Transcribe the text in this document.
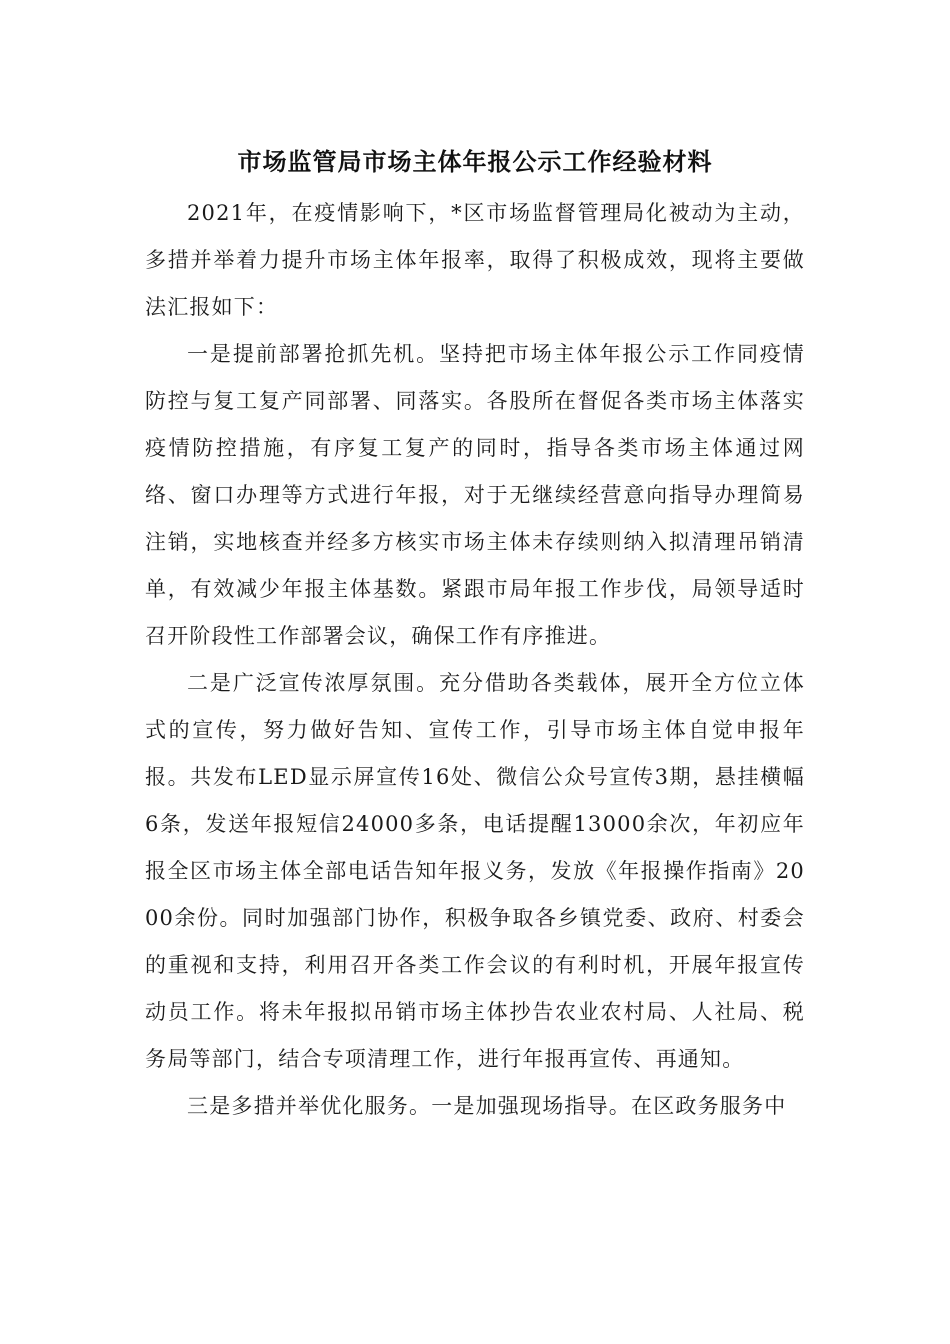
市场监管局市场主体年报公示工作经验材料

2021年，在疫情影响下，*区市场监督管理局化被动为主动，多措并举着力提升市场主体年报率，取得了积极成效，现将主要做法汇报如下：

一是提前部署抢抓先机。坚持把市场主体年报公示工作同疫情防控与复工复产同部署、同落实。各股所在督促各类市场主体落实疫情防控措施，有序复工复产的同时，指导各类市场主体通过网络、窗口办理等方式进行年报，对于无继续经营意向指导办理简易注销，实地核查并经多方核实市场主体未存续则纳入拟清理吊销清单，有效减少年报主体基数。紧跟市局年报工作步伐，局领导适时召开阶段性工作部署会议，确保工作有序推进。

二是广泛宣传浓厚氛围。充分借助各类载体，展开全方位立体式的宣传，努力做好告知、宣传工作，引导市场主体自觉申报年报。共发布LED显示屏宣传16处、微信公众号宣传3期，悬挂横幅6条，发送年报短信24000多条，电话提醒13000余次，年初应年报全区市场主体全部电话告知年报义务，发放《年报操作指南》2000余份。同时加强部门协作，积极争取各乡镇党委、政府、村委会的重视和支持，利用召开各类工作会议的有利时机，开展年报宣传动员工作。将未年报拟吊销市场主体抄告农业农村局、人社局、税务局等部门，结合专项清理工作，进行年报再宣传、再通知。

三是多措并举优化服务。一是加强现场指导。在区政务服务中
